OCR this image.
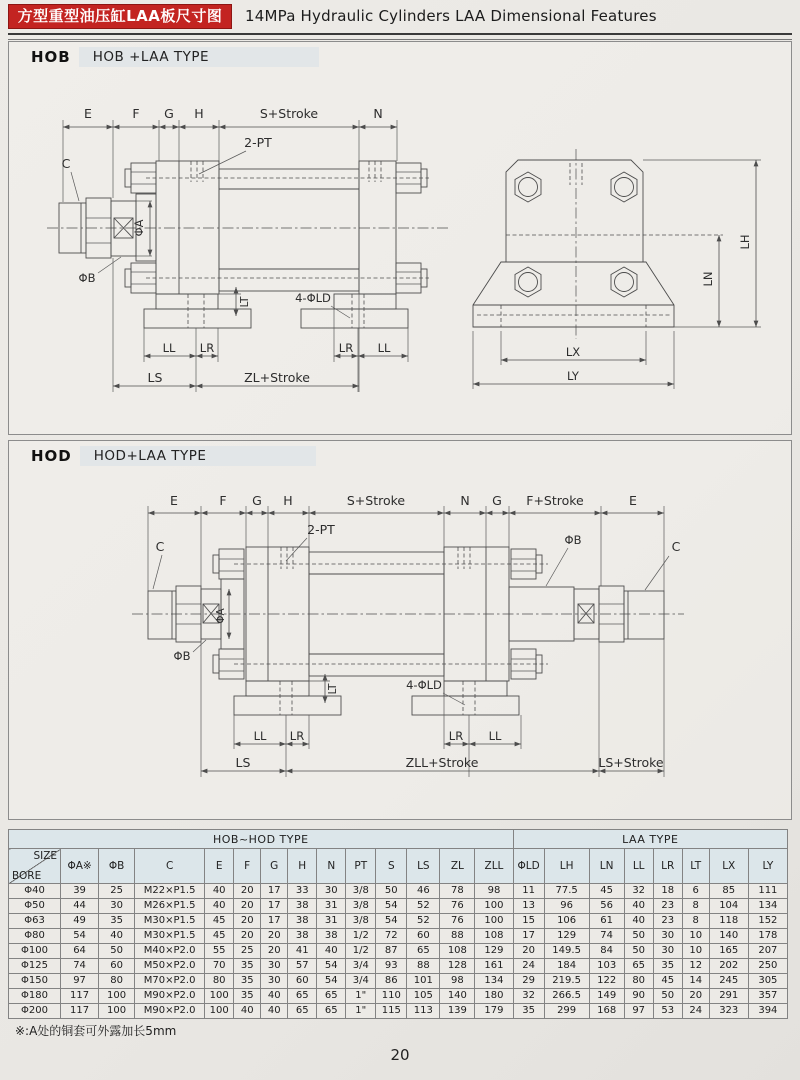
方型重型油压缸LAA板尺寸图	14MPa Hydraulic Cylinders LAA Dimensional Features
HOB	HOB +LAA TYPE
E	F G H	S+Stroke	N
2-PT
ΦA
C
ΦB
LT	4-ΦLD
LL LR	LR LL
LS	ZL+Stroke
LN
LH
LX
LY
HOD	HOD+LAA TYPE
E	F G H	S+Stroke	N G F+Stroke	E
2-PT
ΦA
C
ΦB
ΦB	C
LT	4-ΦLD
LL LR	LR LL
LS	ZLL+Stroke	LS+Stroke
HOB~HOD TYPE														LAA TYPE							

SIZE
BORE	ΦA※	ΦB	C	E	F	G	H	N	PT	S	LS	ZL	ZLL	ΦLD	LH	LN	LL	LR	LT	LX	LY
Φ40	39	25	M22×P1.5	40	20	17	33	30	3/8	50	46	78	98	11	77.5	45	32	18	6	85	111
Φ50	44	30	M26×P1.5	40	20	17	38	31	3/8	54	52	76	100	13	96	56	40	23	8	104	134
Φ63	49	35	M30×P1.5	45	20	17	38	31	3/8	54	52	76	100	15	106	61	40	23	8	118	152
Φ80	54	40	M30×P1.5	45	20	20	38	38	1/2	72	60	88	108	17	129	74	50	30	10	140	178
Φ100	64	50	M40×P2.0	55	25	20	41	40	1/2	87	65	108	129	20	149.5	84	50	30	10	165	207
Φ125	74	60	M50×P2.0	70	35	30	57	54	3/4	93	88	128	161	24	184	103	65	35	12	202	250
Φ150	97	80	M70×P2.0	80	35	30	60	54	3/4	86	101	98	134	29	219.5	122	80	45	14	245	305
Φ180	117	100	M90×P2.0	100	35	40	65	65	1"	110	105	140	180	32	266.5	149	90	50	20	291	357
Φ200	117	100	M90×P2.0	100	40	40	65	65	1"	115	113	139	179	35	299	168	97	53	24	323	394
※:A处的铜套可外露加长5mm
20
